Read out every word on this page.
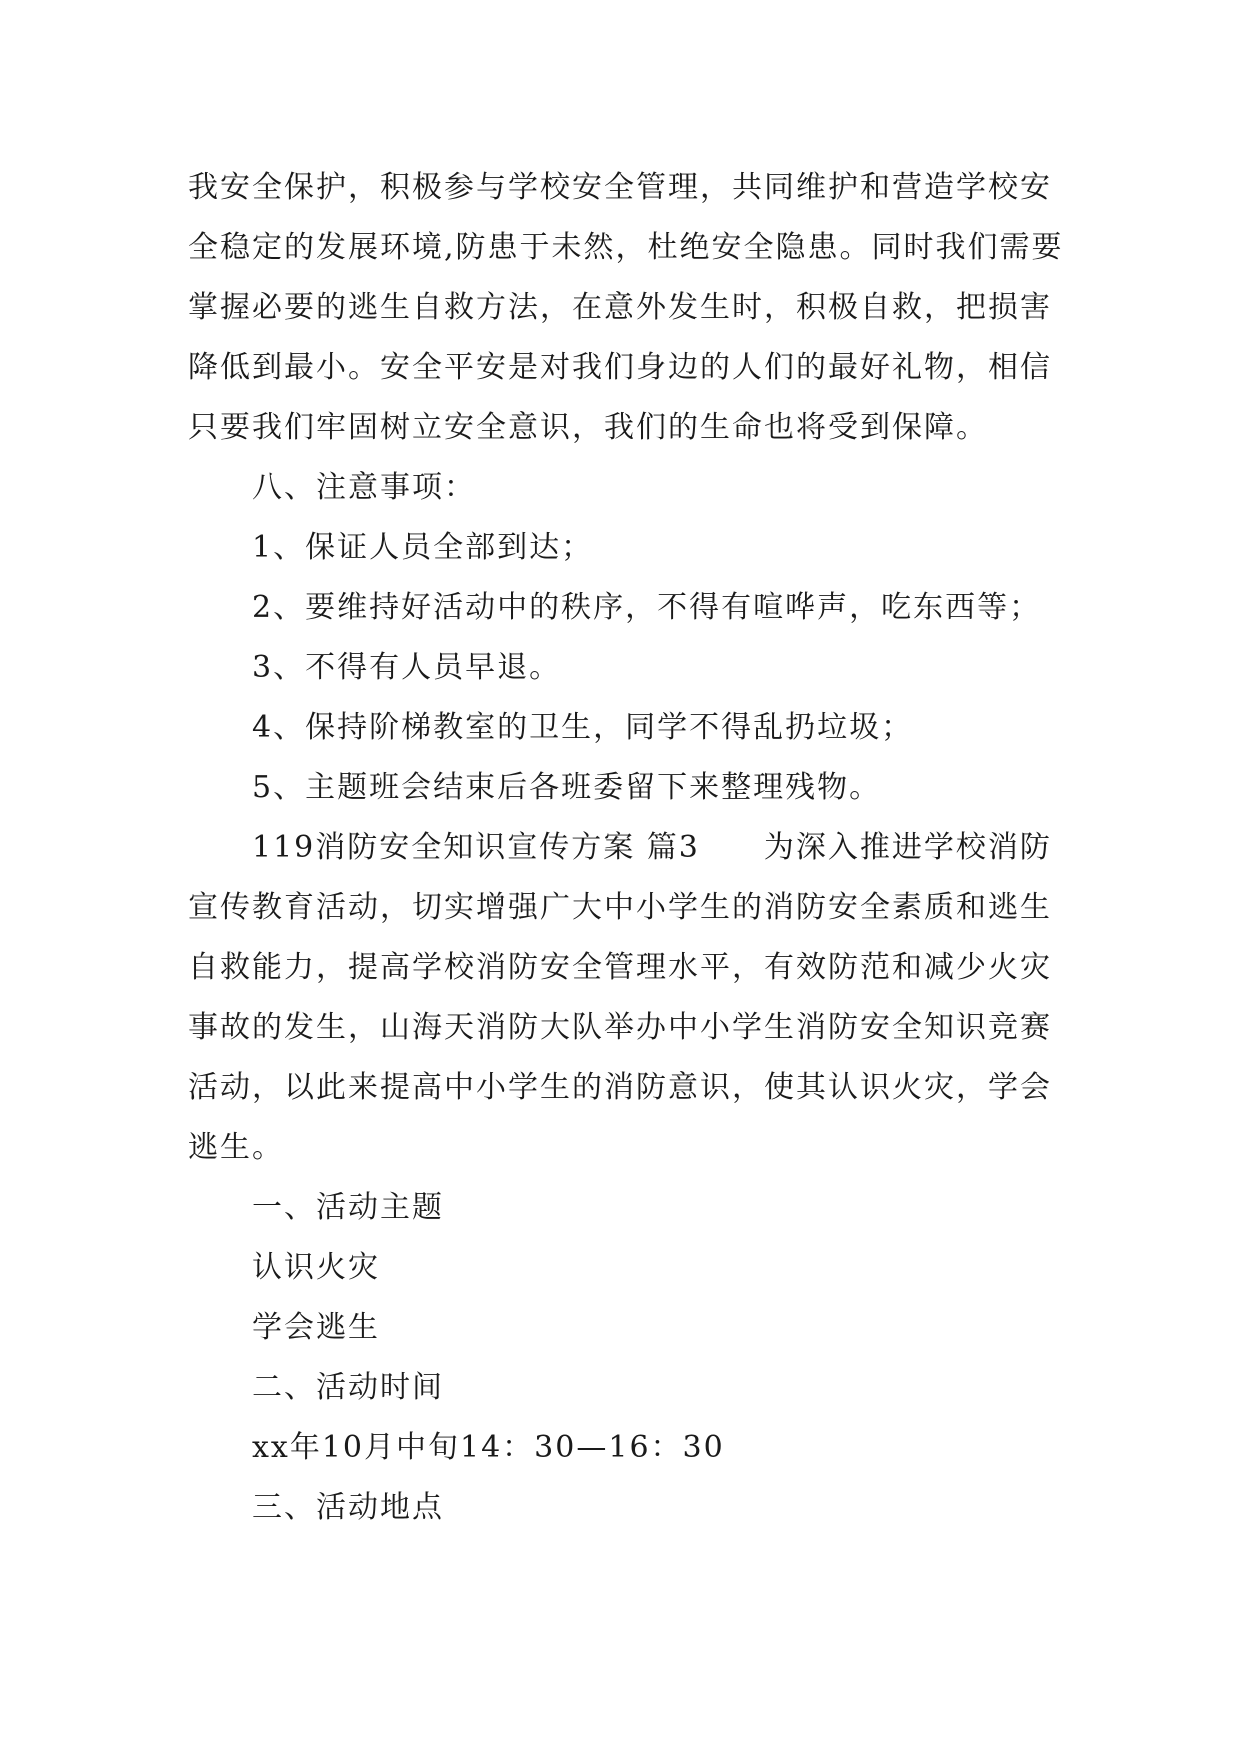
我安全保护，积极参与学校安全管理，共同维护和营造学校安全稳定的发展环境,防患于未然，杜绝安全隐患。同时我们需要掌握必要的逃生自救方法，在意外发生时，积极自救，把损害降低到最小。安全平安是对我们身边的人们的最好礼物，相信只要我们牢固树立安全意识，我们的生命也将受到保障。

八、注意事项：

1、保证人员全部到达；

2、要维持好活动中的秩序，不得有喧哗声，吃东西等；

3、不得有人员早退。

4、保持阶梯教室的卫生，同学不得乱扔垃圾；

5、主题班会结束后各班委留下来整理残物。

119消防安全知识宣传方案 篇3　　为深入推进学校消防宣传教育活动，切实增强广大中小学生的消防安全素质和逃生自救能力，提高学校消防安全管理水平，有效防范和减少火灾事故的发生，山海天消防大队举办中小学生消防安全知识竞赛活动，以此来提高中小学生的消防意识，使其认识火灾，学会逃生。

一、活动主题

认识火灾

学会逃生

二、活动时间

xx年10月中旬14：30—16：30

三、活动地点
